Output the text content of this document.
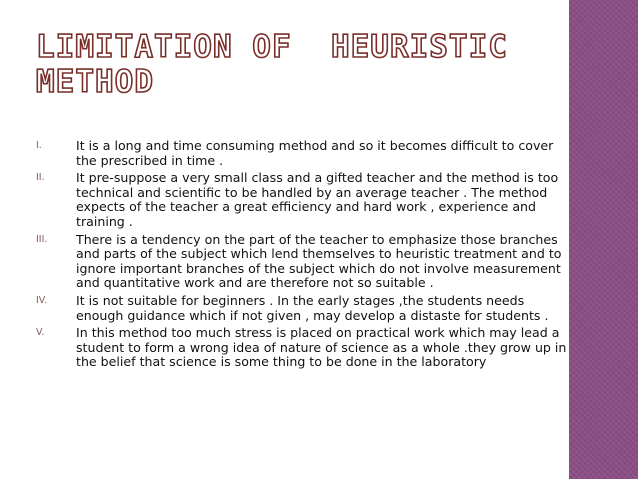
LIMITATION OF  HEURISTIC
METHOD
I.	It is a long and time consuming method and so it becomes difficult to cover the prescribed in time .
II. It pre-suppose a very small class and a gifted teacher and the method is too technical and scientific to be handled by an average teacher . The method expects of the teacher a great efficiency and hard work , experience and training .
III. There is a tendency on the part of the teacher to emphasize those branches and parts of the subject which lend themselves to heuristic treatment and to ignore important branches of the subject which do not involve measurement and quantitative work and are therefore not so suitable .
IV. It is not suitable for beginners . In the early stages ,the students needs enough guidance which if not given , may develop a distaste for students .
V.	In this method too much stress is placed on practical work which may lead a student to form a wrong idea of nature of science as a whole .they grow up in the belief that science is some thing to be done in the laboratory
